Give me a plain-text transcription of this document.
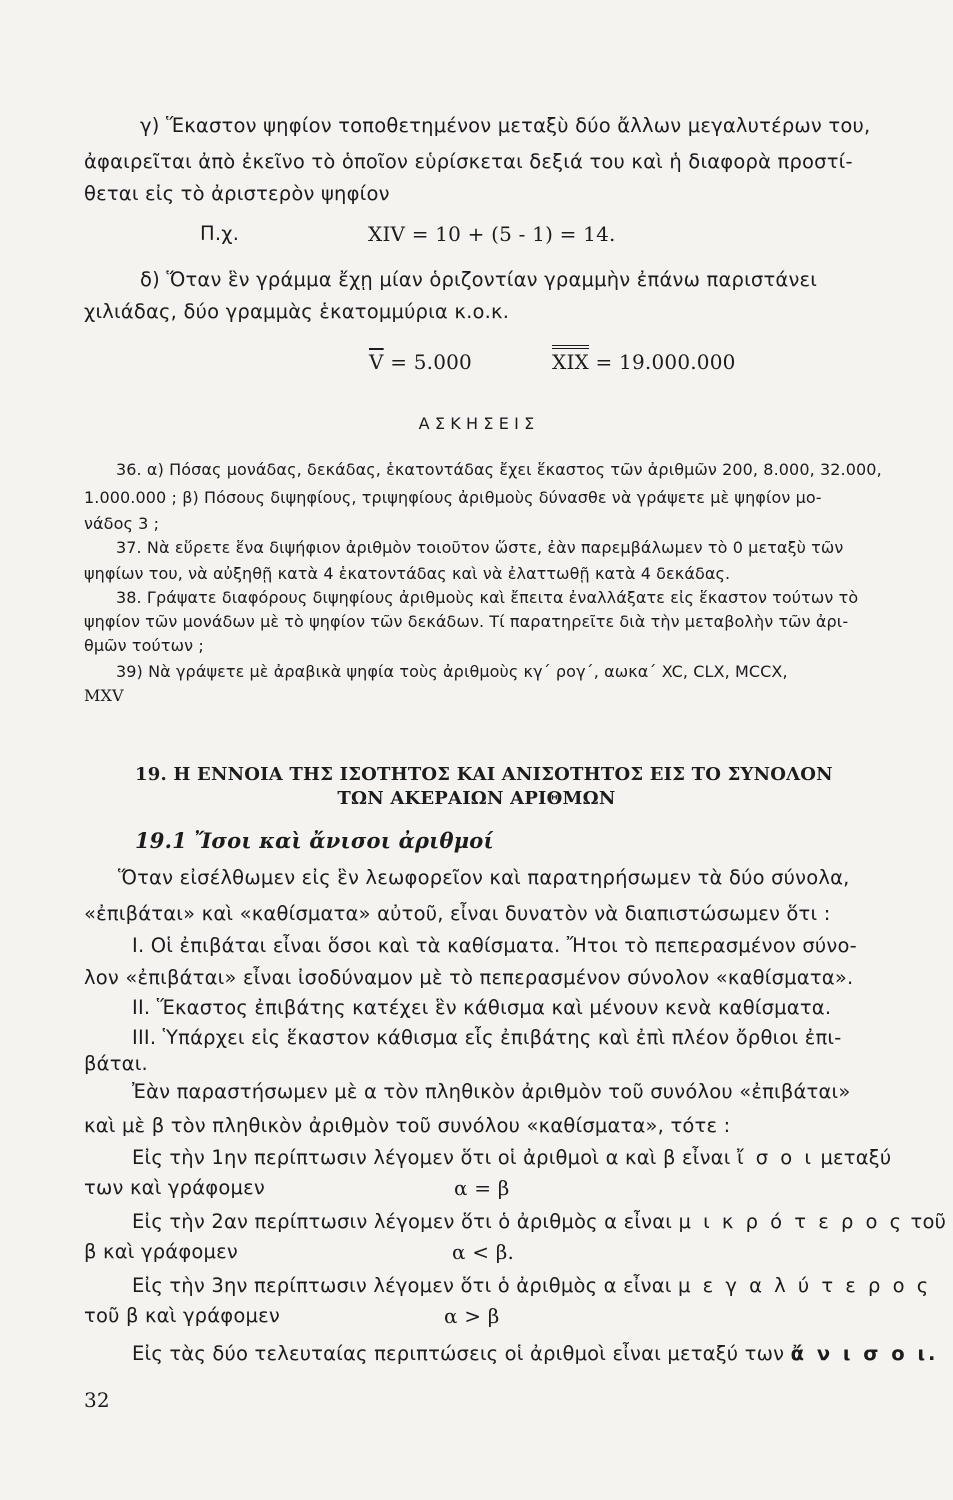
γ) Ἕκαστον ψηφίον τοποθετημένον μεταξὺ δύο ἄλλων μεγαλυτέρων του,
ἀφαιρεῖται ἀπὸ ἐκεῖνο τὸ ὁποῖον εὑρίσκεται δεξιά του καὶ ἡ διαφορὰ προστί-
θεται εἰς τὸ ἀριστερὸν ψηφίον
Π.χ.	XIV = 10 + (5 - 1) = 14.
δ) Ὅταν ἓν γράμμα ἔχῃ μίαν ὁριζοντίαν γραμμὴν ἐπάνω παριστάνει
χιλιάδας, δύο γραμμὰς ἑκατομμύρια κ.ο.κ.
$\overline{V} = 5.000$	XIX = 19.000.000
Α Σ Κ Η Σ Ε Ι Σ
36. α) Πόσας μονάδας, δεκάδας, ἑκατοντάδας ἔχει ἕκαστος τῶν ἀριθμῶν 200, 8.000, 32.000,
1.000.000 ; β) Πόσους διψηφίους, τριψηφίους ἀριθμοὺς δύνασθε νὰ γράψετε μὲ ψηφίον μο-
νάδος 3 ;
37. Νὰ εὕρετε ἕνα διψήφιον ἀριθμὸν τοιοῦτον ὥστε, ἐὰν παρεμβάλωμεν τὸ 0 μεταξὺ τῶν
ψηφίων του, νὰ αὐξηθῇ κατὰ 4 ἑκατοντάδας καὶ νὰ ἐλαττωθῇ κατὰ 4 δεκάδας.
38. Γράψατε διαφόρους διψηφίους ἀριθμοὺς καὶ ἔπειτα ἐναλλάξατε εἰς ἕκαστον τούτων τὸ
ψηφίον τῶν μονάδων μὲ τὸ ψηφίον τῶν δεκάδων. Τί παρατηρεῖτε διὰ τὴν μεταβολὴν τῶν ἀρι-
θμῶν τούτων ;
39) Νὰ γράψετε μὲ ἀραβικὰ ψηφία τοὺς ἀριθμοὺς κγ΄ ρογ΄, αωκα΄ XC, CLX, MCCX,
MXV
19. Η ΕΝΝΟΙΑ ΤΗΣ ΙΣΟΤΗΤΟΣ ΚΑΙ ΑΝΙΣΟΤΗΤΟΣ ΕΙΣ ΤΟ ΣΥΝΟΛΟΝ
ΤΩΝ ΑΚΕΡΑΙΩΝ ΑΡΙΘΜΩΝ
19.1 Ἴσοι καὶ ἄνισοι ἀριθμοί
Ὅταν εἰσέλθωμεν εἰς ἓν λεωφορεῖον καὶ παρατηρήσωμεν τὰ δύο σύνολα,
«ἐπιβάται» καὶ «καθίσματα» αὐτοῦ, εἶναι δυνατὸν νὰ διαπιστώσωμεν ὅτι :
I. Οἱ ἐπιβάται εἶναι ὅσοι καὶ τὰ καθίσματα. Ἤτοι τὸ πεπερασμένον σύνο-
λον «ἐπιβάται» εἶναι ἰσοδύναμον μὲ τὸ πεπερασμένον σύνολον «καθίσματα».
II. Ἕκαστος ἐπιβάτης κατέχει ἓν κάθισμα καὶ μένουν κενὰ καθίσματα.
III. Ὑπάρχει εἰς ἕκαστον κάθισμα εἷς ἐπιβάτης καὶ ἐπὶ πλέον ὄρθιοι ἐπι-
βάται.
Ἐὰν παραστήσωμεν μὲ α τὸν πληθικὸν ἀριθμὸν τοῦ συνόλου «ἐπιβάται»
καὶ μὲ β τὸν πληθικὸν ἀριθμὸν τοῦ συνόλου «καθίσματα», τότε :
Εἰς τὴν 1ην περίπτωσιν λέγομεν ὅτι οἱ ἀριθμοὶ α καὶ β εἶναι ἴ σ ο ι μεταξύ
των καὶ γράφομεν	α = β
Εἰς τὴν 2αν περίπτωσιν λέγομεν ὅτι ὁ ἀριθμὸς α εἶναι μ ι κ ρ ό τ ε ρ ο ς τοῦ
β καὶ γράφομεν	α < β.
Εἰς τὴν 3ην περίπτωσιν λέγομεν ὅτι ὁ ἀριθμὸς α εἶναι μ ε γ α λ ύ τ ε ρ ο ς
τοῦ β καὶ γράφομεν	α > β
Εἰς τὰς δύο τελευταίας περιπτώσεις οἱ ἀριθμοὶ εἶναι μεταξύ των ἄ ν ι σ ο ι.
32
